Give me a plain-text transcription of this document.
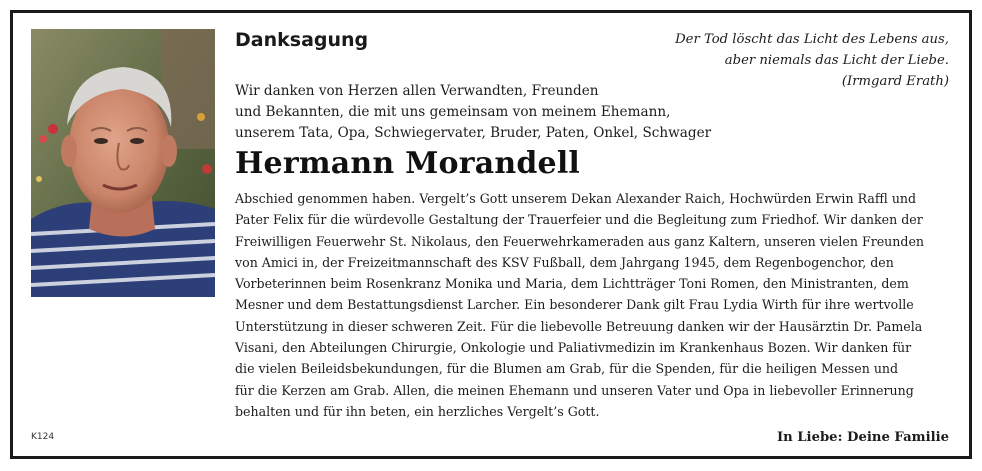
Danksagung	Der Tod löscht das Licht des Lebens aus,
aber niemals das Licht der Liebe.
(Irmgard Erath)
Wir danken von Herzen allen Verwandten, Freunden
und Bekannten, die mit uns gemeinsam von meinem Ehemann,
unserem Tata, Opa, Schwiegervater, Bruder, Paten, Onkel, Schwager
Hermann Morandell
Abschied genommen haben. Vergelt’s Gott unserem Dekan Alexander Raich, Hochwürden Erwin Raffl und
Pater Felix für die würdevolle Gestaltung der Trauerfeier und die Begleitung zum Friedhof. Wir danken der
Freiwilligen Feuerwehr St. Nikolaus, den Feuerwehrkameraden aus ganz Kaltern, unseren vielen Freunden
von Amici in, der Freizeitmannschaft des KSV Fußball, dem Jahrgang 1945, dem Regenbogenchor, den
Vorbeterinnen beim Rosenkranz Monika und Maria, dem Lichtträger Toni Romen, den Ministranten, dem
Mesner und dem Bestattungsdienst Larcher. Ein besonderer Dank gilt Frau Lydia Wirth für ihre wertvolle
Unterstützung in dieser schweren Zeit. Für die liebevolle Betreuung danken wir der Hausärztin Dr. Pamela
Visani, den Abteilungen Chirurgie, Onkologie und Paliativmedizin im Krankenhaus Bozen. Wir danken für
die vielen Beileidsbekundungen, für die Blumen am Grab, für die Spenden, für die heiligen Messen und
für die Kerzen am Grab. Allen, die meinen Ehemann und unseren Vater und Opa in liebevoller Erinnerung
behalten und für ihn beten, ein herzliches Vergelt’s Gott.
In Liebe: Deine Familie
K124
